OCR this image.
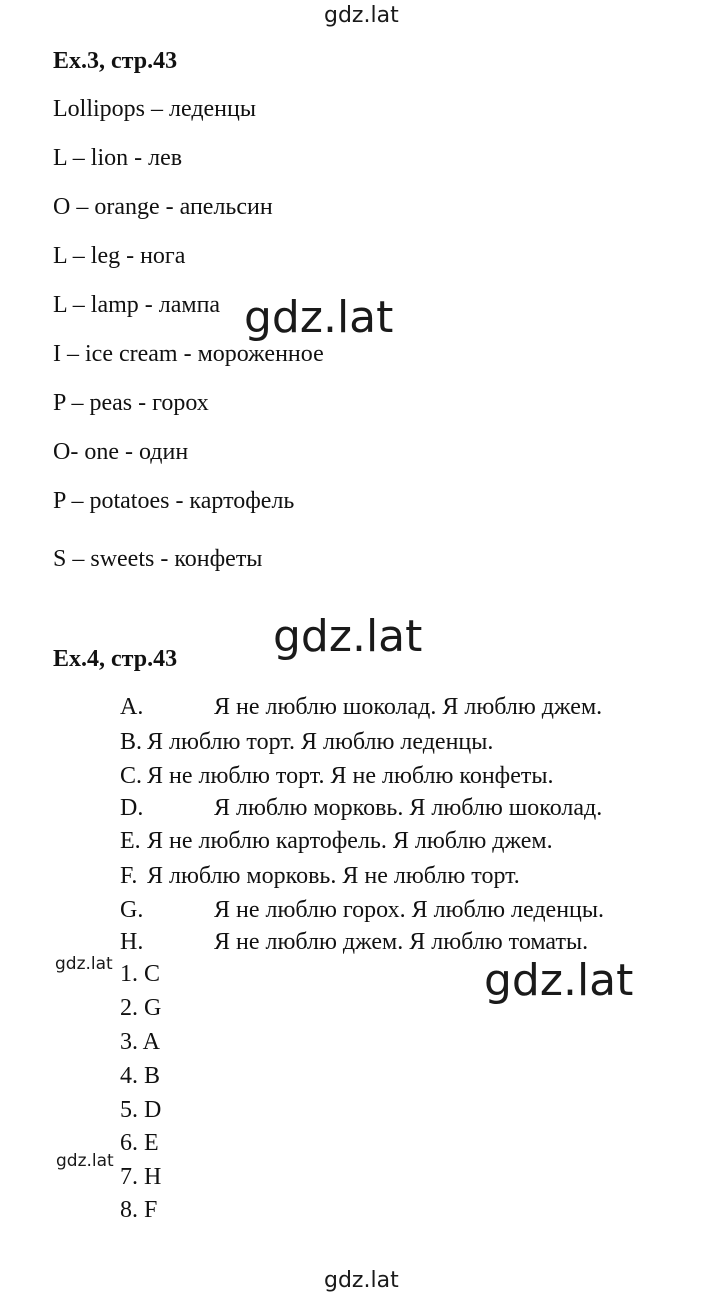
gdz.lat
gdz.lat
gdz.lat
gdz.lat
gdz.lat
gdz.lat
gdz.lat
Ex.3, стр.43
Lollipops – леденцы
L – lion - лев
O – orange - апельсин
L – leg - нога
L – lamp - лампа
I – ice cream - мороженное
P – peas - горох
O- one - один
P – potatoes - картофель
S – sweets - конфеты
Ex.4, стр.43
A.	Я не люблю шоколад. Я люблю джем.
B. Я люблю торт. Я люблю леденцы.
C. Я не люблю торт. Я не люблю конфеты.
D.	Я люблю морковь. Я люблю шоколад.
E. Я не люблю картофель. Я люблю джем.
F. Я люблю морковь. Я не люблю торт.
G.	Я не люблю горох. Я люблю леденцы.
H.	Я не люблю джем. Я люблю томаты.
1. C
2. G
3. A
4. B
5. D
6. E
7. H
8. F
